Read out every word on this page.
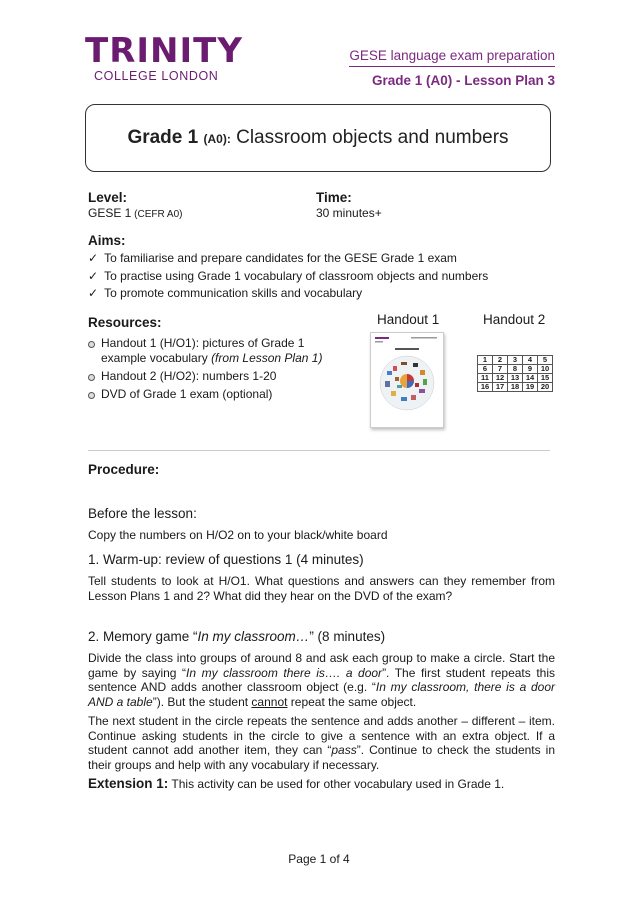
TRINITY
COLLEGE LONDON
GESE language exam preparation
Grade 1 (A0) - Lesson Plan 3
Grade 1 (A0): Classroom objects and numbers
Level:
GESE 1 (CEFR A0)
Time:
30 minutes+
Aims:
✓ To familiarise and prepare candidates for the GESE Grade 1 exam
✓ To practise using Grade 1 vocabulary of classroom objects and numbers
✓ To promote communication skills and vocabulary
Resources:
Handout 1 (H/O1): pictures of Grade 1 example vocabulary (from Lesson Plan 1)
Handout 2 (H/O2): numbers 1-20
DVD of Grade 1 exam (optional)
Handout 1	Handout 2
1	2	3	4	5
6	7	8	9	10
11	12	13	14	15
16	17	18	19	20
Procedure:
Before the lesson:
Copy the numbers on H/O2 on to your black/white board
1. Warm-up: review of questions 1 (4 minutes)
Tell students to look at H/O1. What questions and answers can they remember from Lesson Plans 1 and 2? What did they hear on the DVD of the exam?
2. Memory game “In my classroom…” (8 minutes)
Divide the class into groups of around 8 and ask each group to make a circle. Start the game by saying “In my classroom there is…. a door”. The first student repeats this sentence AND adds another classroom object (e.g. “In my classroom, there is a door AND a table”). But the student cannot repeat the same object.
The next student in the circle repeats the sentence and adds another – different – item. Continue asking students in the circle to give a sentence with an extra object. If a student cannot add another item, they can “pass”. Continue to check the students in their groups and help with any vocabulary if necessary.
Extension 1: This activity can be used for other vocabulary used in Grade 1.
Page 1 of 4
